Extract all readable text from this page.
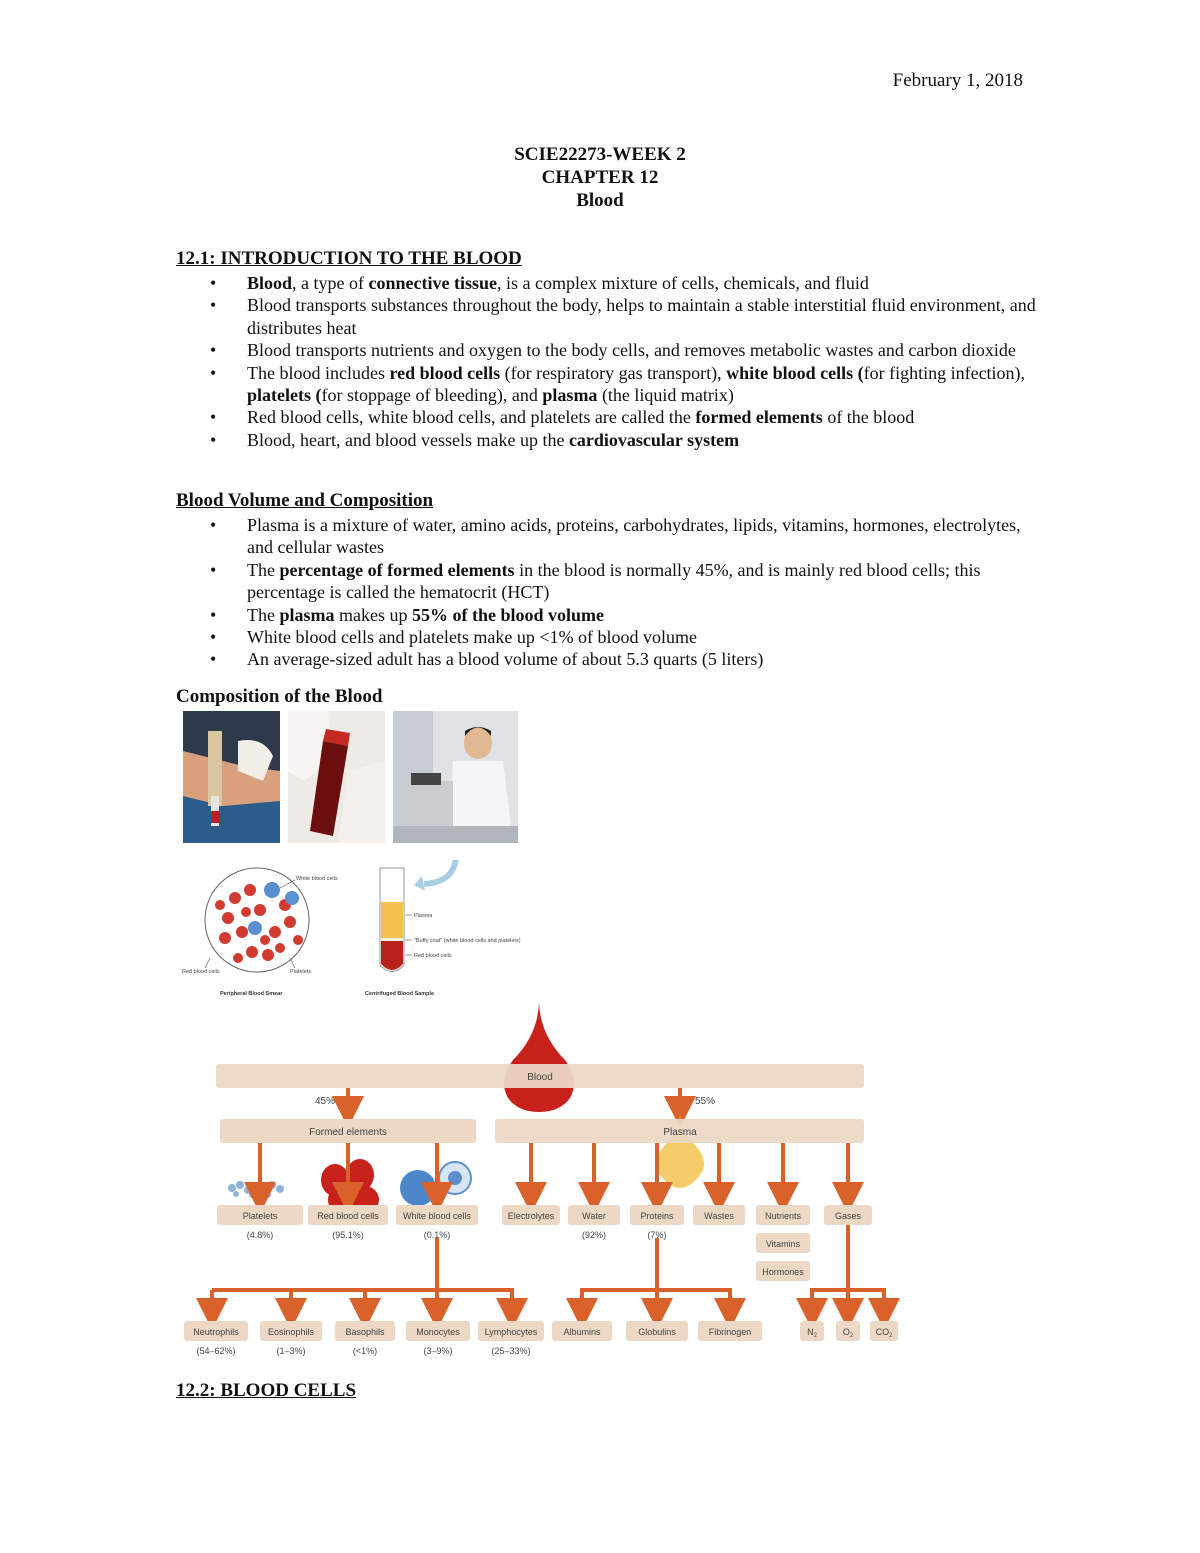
February 1, 2018
SCIE22273-WEEK 2
CHAPTER 12
Blood
12.1: INTRODUCTION TO THE BLOOD
• Blood, a type of connective tissue, is a complex mixture of cells, chemicals, and fluid
• Blood transports substances throughout the body, helps to maintain a stable interstitial fluid environment, and distributes heat
• Blood transports nutrients and oxygen to the body cells, and removes metabolic wastes and carbon dioxide
• The blood includes red blood cells (for respiratory gas transport), white blood cells (for fighting infection), platelets (for stoppage of bleeding), and plasma (the liquid matrix)
• Red blood cells, white blood cells, and platelets are called the formed elements of the blood
• Blood, heart, and blood vessels make up the cardiovascular system
Blood Volume and Composition
• Plasma is a mixture of water, amino acids, proteins, carbohydrates, lipids, vitamins, hormones, electrolytes, and cellular wastes
• The percentage of formed elements in the blood is normally 45%, and is mainly red blood cells; this percentage is called the hematocrit (HCT)
• The plasma makes up 55% of the blood volume
• White blood cells and platelets make up <1% of blood volume
• An average-sized adult has a blood volume of about 5.3 quarts (5 liters)
Composition of the Blood
White blood cells
Red blood cells	Platelets
Peripheral Blood Smear
Plasma
"Buffy coat" (white blood cells and platelets)
Red blood cells
Centrifuged Blood Sample
Blood
45%	55%
Formed elements	Plasma
Platelets
(4.8%)
Red blood cells
(95.1%)
White blood cells
(0.1%)
Electrolytes	Water
(92%)
Proteins
(7%)
Wastes	Nutrients
Vitamins
Hormones
Gases
Neutrophils
(54–62%)
Eosinophils
(1–3%)
Basophils
(<1%)
Monocytes
(3–9%)
Lymphocytes
(25–33%)
Albumins	Globulins	Fibrinogen	$N_2$	$O_2$ $CO_2$
12.2: BLOOD CELLS
